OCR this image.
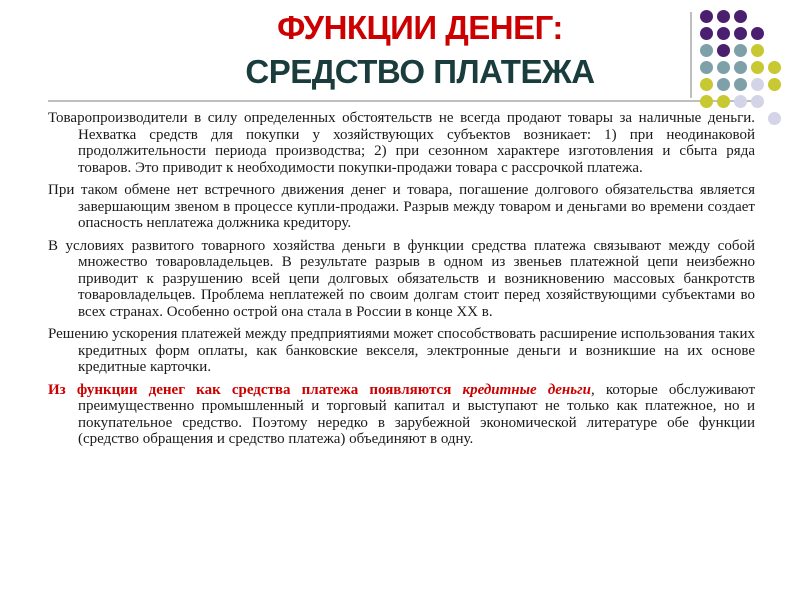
ФУНКЦИИ ДЕНЕГ:
СРЕДСТВО ПЛАТЕЖА

Товаропроизводители в силу определенных обстоятельств не всегда продают товары за наличные деньги. Нехватка средств для покупки у хозяйствующих субъектов возникает: 1) при неодинаковой продолжительности периода производства; 2) при сезонном характере изготовления и сбыта ряда товаров. Это приводит к необходимости покупки-продажи товара с рассрочкой платежа.

При таком обмене нет встречного движения денег и товара, погашение долгового обязательства является завершающим звеном в процессе купли-продажи. Разрыв между товаром и деньгами во времени создает опасность неплатежа должника кредитору.

В условиях развитого товарного хозяйства деньги в функции средства платежа связывают между собой множество товаровладельцев. В результате разрыв в одном из звеньев платежной цепи неизбежно приводит к разрушению всей цепи долговых обязательств и возникновению массовых банкротств товаровладельцев. Проблема неплатежей по своим долгам стоит перед хозяйствующими субъектами во всех странах. Особенно острой она стала в России в конце XX в.

Решению ускорения платежей между предприятиями может способствовать расширение использования таких кредитных форм оплаты, как банковские векселя, электронные деньги и возникшие на их основе кредитные карточки.

Из функции денег как средства платежа появляются кредитные деньги, которые обслуживают преимущественно промышленный и торговый капитал и выступают не только как платежное, но и покупательное средство. Поэтому нередко в зарубежной экономической литературе обе функции (средство обращения и средство платежа) объединяют в одну.
